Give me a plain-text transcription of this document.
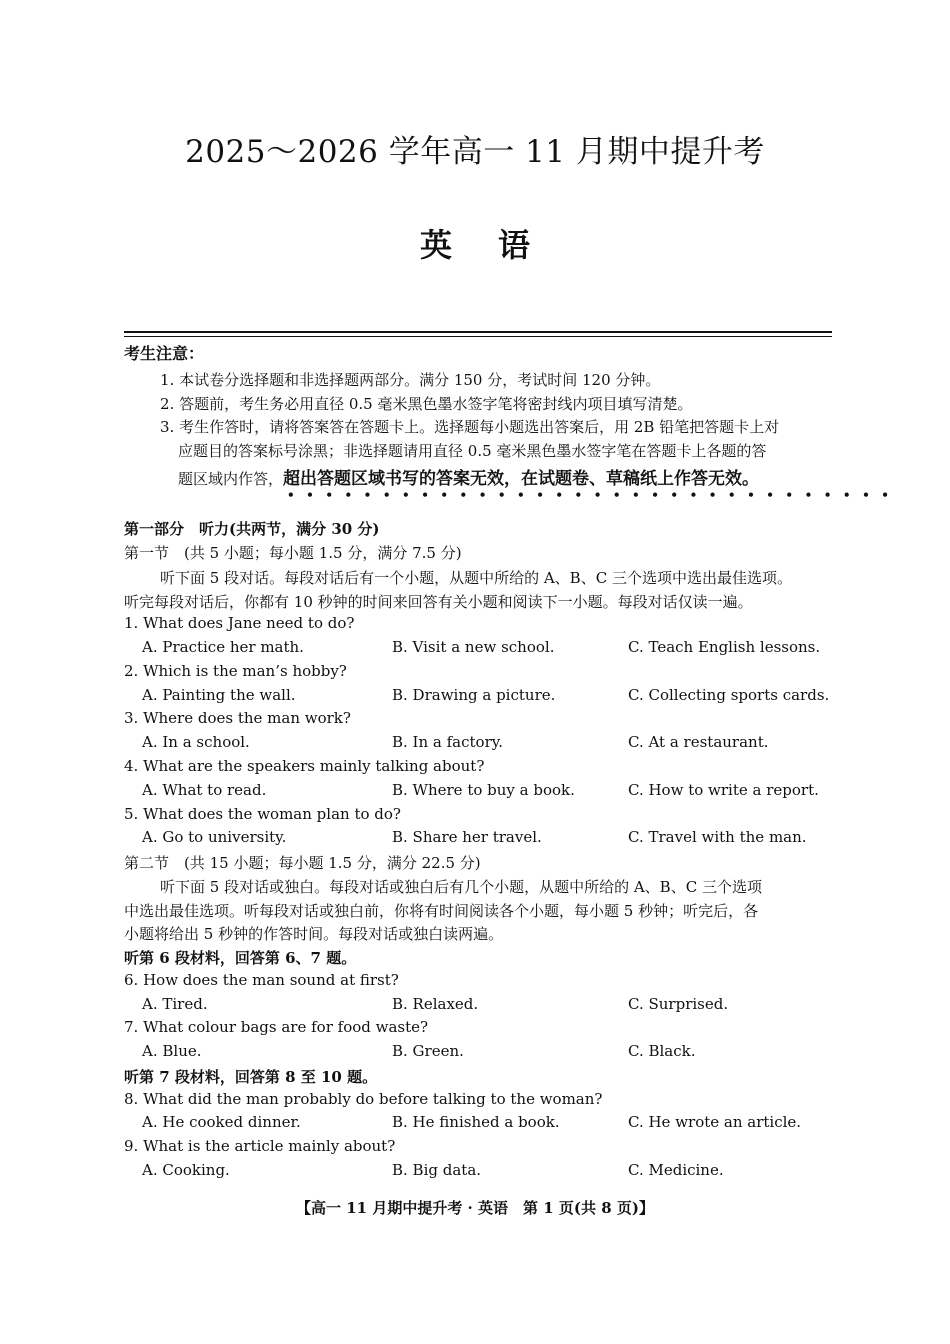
2025～2026 学年高一 11 月期中提升考
英语
考生注意：
1. 本试卷分选择题和非选择题两部分。满分 150 分，考试时间 120 分钟。
2. 答题前，考生务必用直径 0.5 毫米黑色墨水签字笔将密封线内项目填写清楚。
3. 考生作答时，请将答案答在答题卡上。选择题每小题选出答案后，用 2B 铅笔把答题卡上对
应题目的答案标号涂黑；非选择题请用直径 0.5 毫米黑色墨水签字笔在答题卡上各题的答
题区域内作答，超出答题区域书写的答案无效，在试题卷、草稿纸上作答无效。
••••••••••••••••••••••••••••••••
第一部分　听力(共两节，满分 30 分)
第一节　(共 5 小题；每小题 1.5 分，满分 7.5 分)
听下面 5 段对话。每段对话后有一个小题，从题中所给的 A、B、C 三个选项中选出最佳选项。
听完每段对话后，你都有 10 秒钟的时间来回答有关小题和阅读下一小题。每段对话仅读一遍。
1. What does Jane need to do?
A. Practice her math.	B. Visit a new school.	C. Teach English lessons.
2. Which is the man’s hobby?
A. Painting the wall.	B. Drawing a picture.	C. Collecting sports cards.
3. Where does the man work?
A. In a school.	B. In a factory.	C. At a restaurant.
4. What are the speakers mainly talking about?
A. What to read.	B. Where to buy a book.	C. How to write a report.
5. What does the woman plan to do?
A. Go to university.	B. Share her travel.	C. Travel with the man.
第二节　(共 15 小题；每小题 1.5 分，满分 22.5 分)
听下面 5 段对话或独白。每段对话或独白后有几个小题，从题中所给的 A、B、C 三个选项
中选出最佳选项。听每段对话或独白前，你将有时间阅读各个小题，每小题 5 秒钟；听完后，各
小题将给出 5 秒钟的作答时间。每段对话或独白读两遍。
听第 6 段材料，回答第 6、7 题。
6. How does the man sound at first?
A. Tired.	B. Relaxed.	C. Surprised.
7. What colour bags are for food waste?
A. Blue.	B. Green.	C. Black.
听第 7 段材料，回答第 8 至 10 题。
8. What did the man probably do before talking to the woman?
A. He cooked dinner.	B. He finished a book.	C. He wrote an article.
9. What is the article mainly about?
A. Cooking.	B. Big data.	C. Medicine.
【高一 11 月期中提升考 · 英语　第 1 页(共 8 页)】
